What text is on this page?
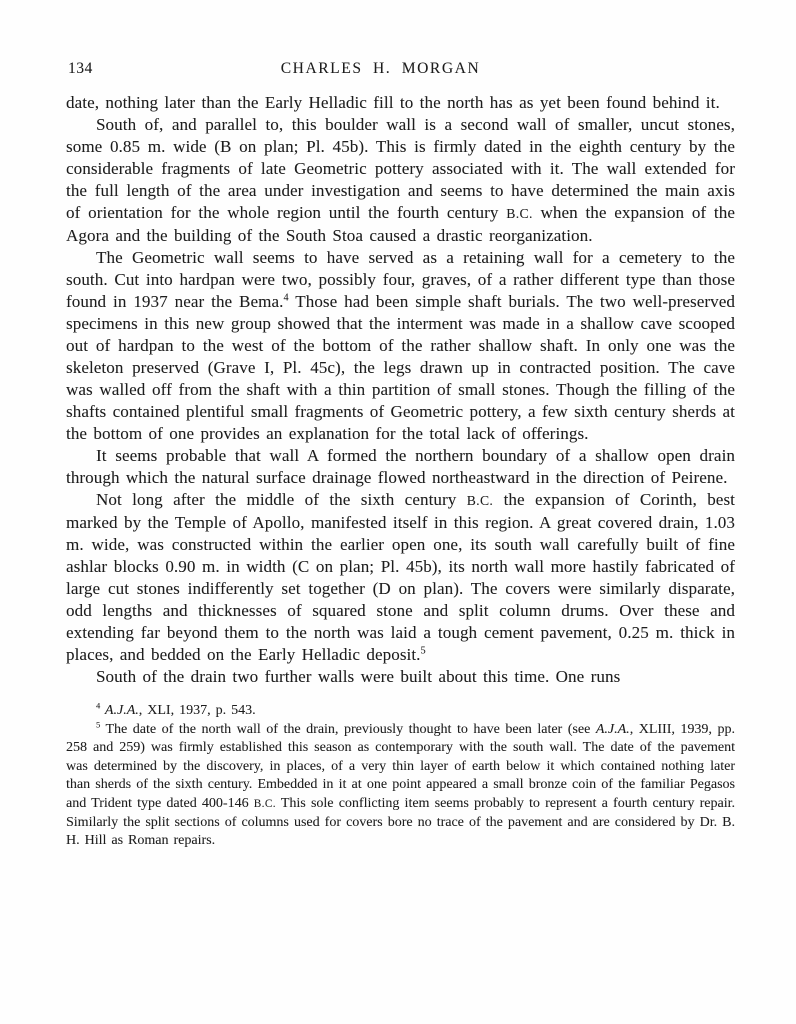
134	CHARLES H. MORGAN

date, nothing later than the Early Helladic fill to the north has as yet been found behind it.

South of, and parallel to, this boulder wall is a second wall of smaller, uncut stones, some 0.85 m. wide (B on plan; Pl. 45b). This is firmly dated in the eighth century by the considerable fragments of late Geometric pottery associated with it. The wall extended for the full length of the area under investigation and seems to have determined the main axis of orientation for the whole region until the fourth century B.C. when the expansion of the Agora and the building of the South Stoa caused a drastic reorganization.

The Geometric wall seems to have served as a retaining wall for a cemetery to the south. Cut into hardpan were two, possibly four, graves, of a rather different type than those found in 1937 near the Bema.$^4$ Those had been simple shaft burials. The two well-preserved specimens in this new group showed that the interment was made in a shallow cave scooped out of hardpan to the west of the bottom of the rather shallow shaft. In only one was the skeleton preserved (Grave I, Pl. 45c), the legs drawn up in contracted position. The cave was walled off from the shaft with a thin partition of small stones. Though the filling of the shafts contained plentiful small fragments of Geometric pottery, a few sixth century sherds at the bottom of one provides an explanation for the total lack of offerings.

It seems probable that wall A formed the northern boundary of a shallow open drain through which the natural surface drainage flowed northeastward in the direction of Peirene.

Not long after the middle of the sixth century B.C. the expansion of Corinth, best marked by the Temple of Apollo, manifested itself in this region. A great covered drain, 1.03 m. wide, was constructed within the earlier open one, its south wall carefully built of fine ashlar blocks 0.90 m. in width (C on plan; Pl. 45b), its north wall more hastily fabricated of large cut stones indifferently set together (D on plan). The covers were similarly disparate, odd lengths and thicknesses of squared stone and split column drums. Over these and extending far beyond them to the north was laid a tough cement pavement, 0.25 m. thick in places, and bedded on the Early Helladic deposit.$^5$

South of the drain two further walls were built about this time. One runs

$^4$ A.J.A., XLI, 1937, p. 543.

$^5$ The date of the north wall of the drain, previously thought to have been later (see A.J.A., XLIII, 1939, pp. 258 and 259) was firmly established this season as contemporary with the south wall. The date of the pavement was determined by the discovery, in places, of a very thin layer of earth below it which contained nothing later than sherds of the sixth century. Embedded in it at one point appeared a small bronze coin of the familiar Pegasos and Trident type dated 400-146 B.C. This sole conflicting item seems probably to represent a fourth century repair. Similarly the split sections of columns used for covers bore no trace of the pavement and are considered by Dr. B. H. Hill as Roman repairs.
